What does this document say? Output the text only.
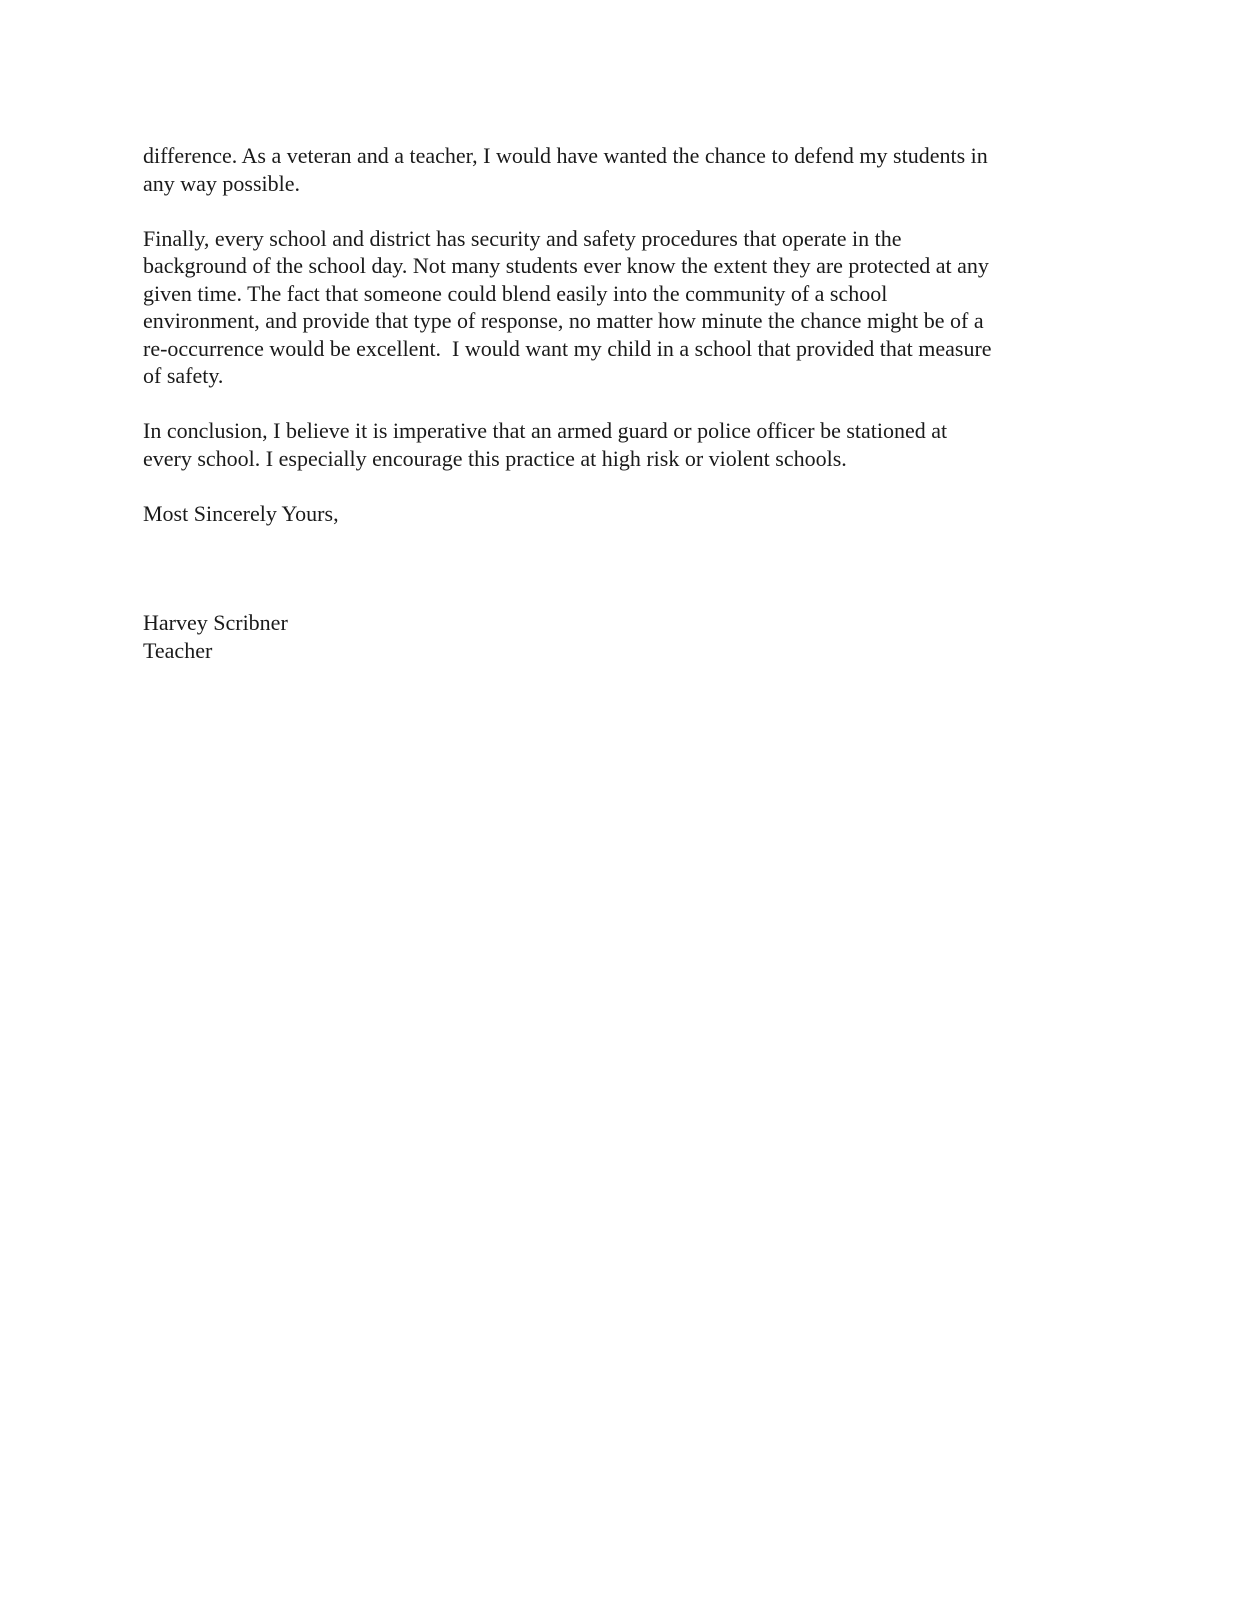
difference. As a veteran and a teacher, I would have wanted the chance to defend my students in
any way possible.

Finally, every school and district has security and safety procedures that operate in the
background of the school day. Not many students ever know the extent they are protected at any
given time. The fact that someone could blend easily into the community of a school
environment, and provide that type of response, no matter how minute the chance might be of a
re-occurrence would be excellent.  I would want my child in a school that provided that measure
of safety.

In conclusion, I believe it is imperative that an armed guard or police officer be stationed at
every school. I especially encourage this practice at high risk or violent schools.

Most Sincerely Yours,

Harvey Scribner
Teacher
